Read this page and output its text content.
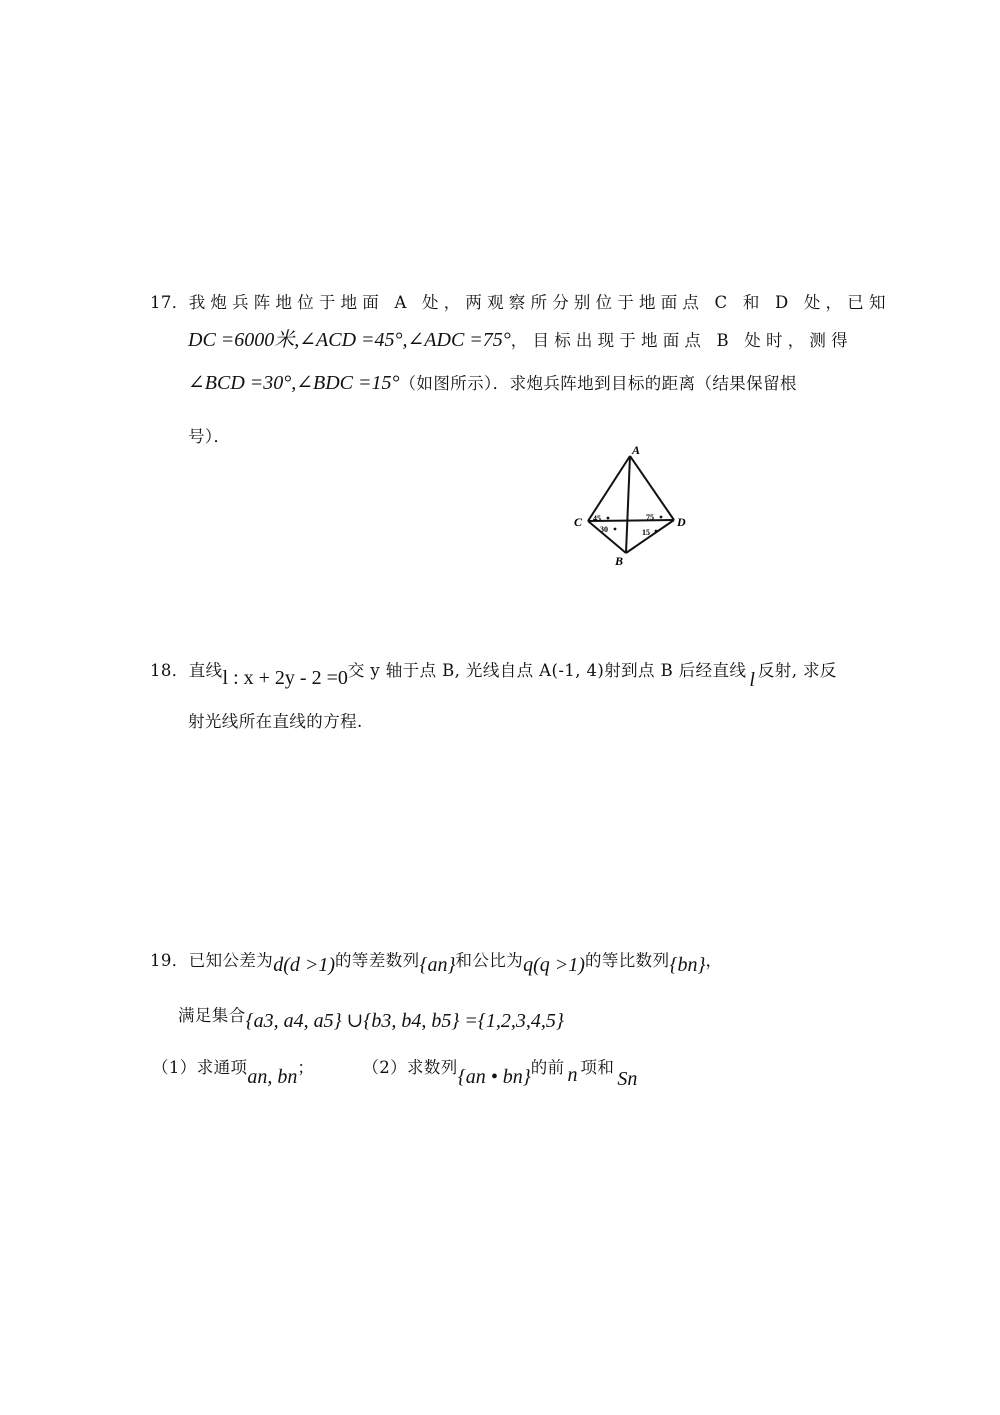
17．我炮兵阵地位于地面 A 处，两观察所分别位于地面点 C 和 D 处，已知
DC =6000米,∠ACD =45°,∠ADC =75°，目标出现于地面点 B 处时，测得
∠BCD =30°,∠BDC =15°（如图所示）．求炮兵阵地到目标的距离（结果保留根
号）．
A
C	D
B
45	75
30	15
18．直线l : x + 2y - 2 =0交 y 轴于点 B, 光线自点 A(-1, 4)射到点 B 后经直线 l 反射, 求反
射光线所在直线的方程.
19．已知公差为d(d >1)的等差数列{an}和公比为q(q >1)的等比数列{bn}，
满足集合{a3, a4, a5} ∪{b3, b4, b5} ={1,2,3,4,5}
（1）求通项an, bn；	（2）求数列{an • bn}的前 n 项和Sn
